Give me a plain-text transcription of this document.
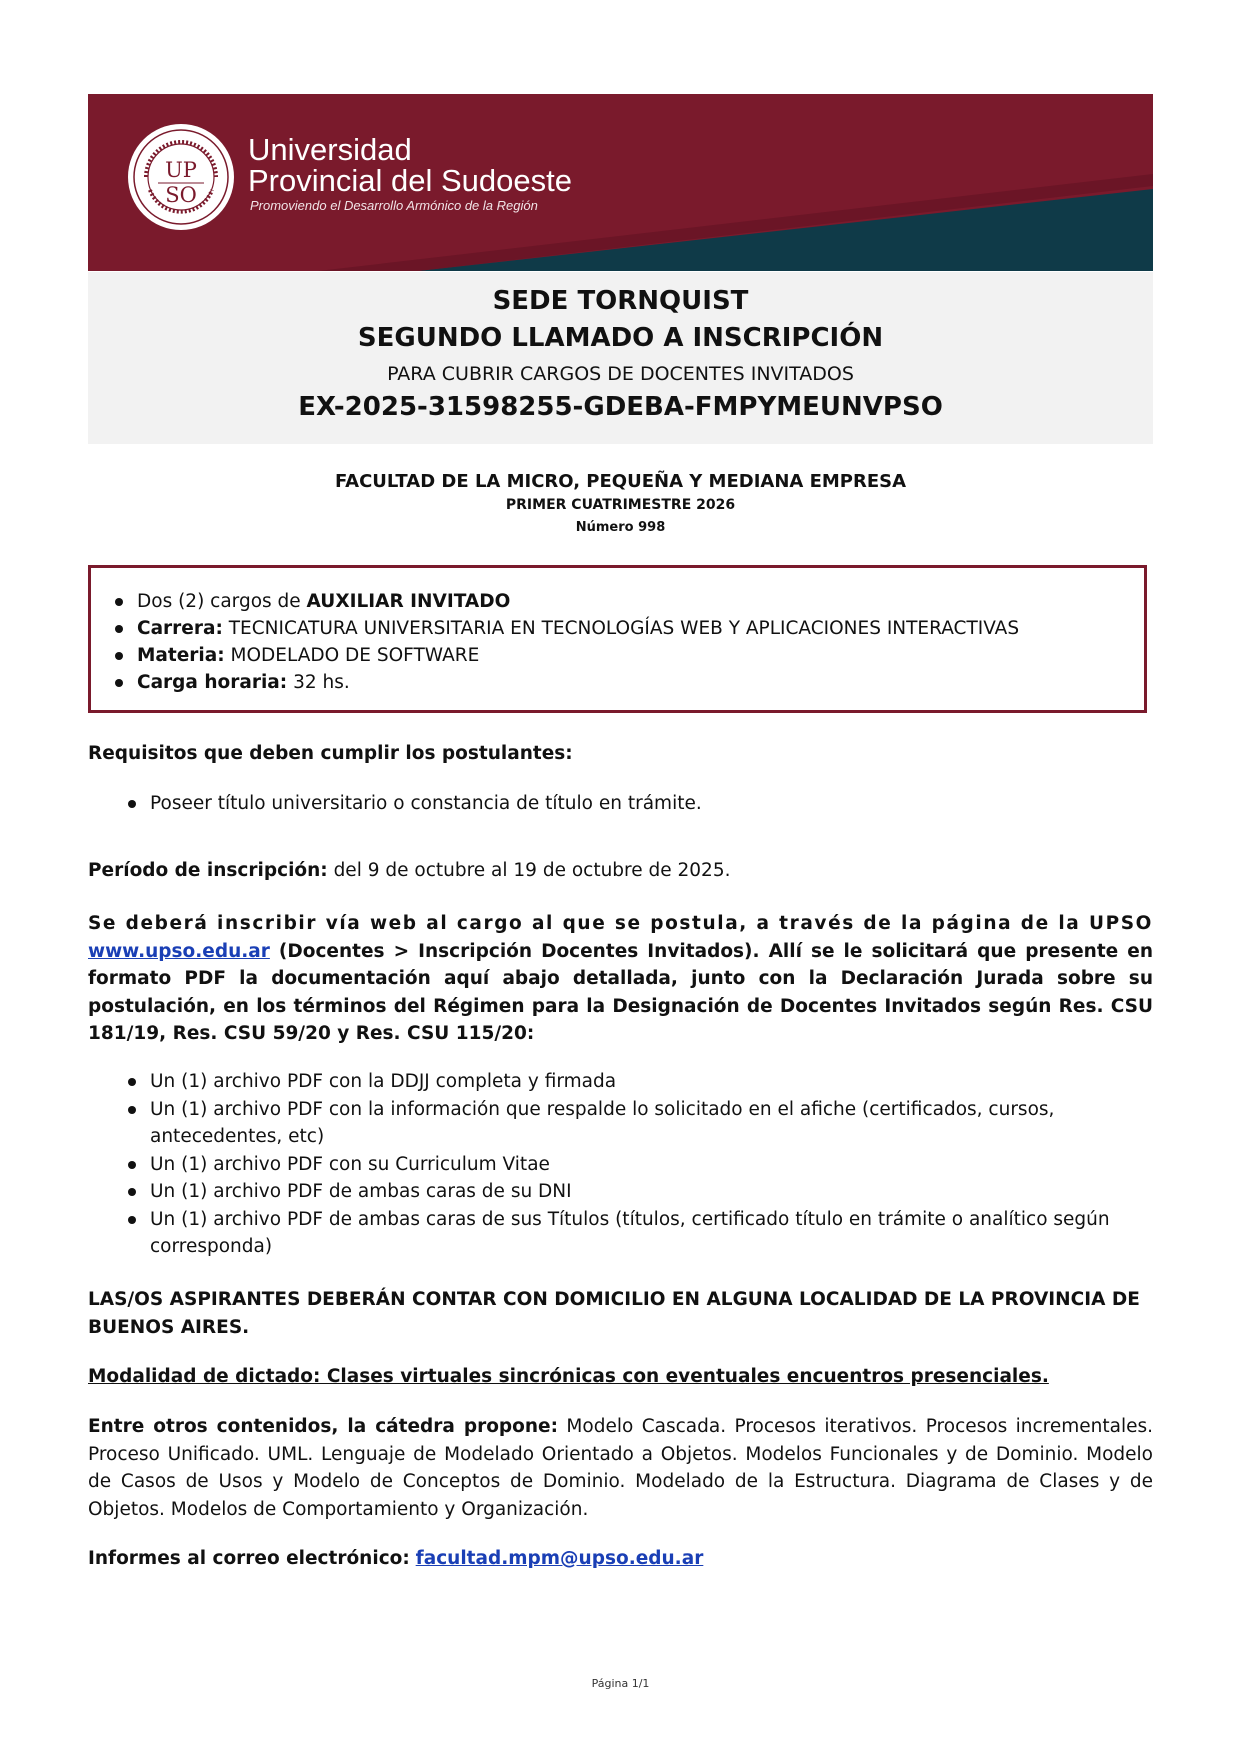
UP
SO
Universidad
Provincial del Sudoeste
Promoviendo el Desarrollo Armónico de la Región
SEDE TORNQUIST
SEGUNDO LLAMADO A INSCRIPCIÓN
PARA CUBRIR CARGOS DE DOCENTES INVITADOS
EX-2025-31598255-GDEBA-FMPYMEUNVPSO
FACULTAD DE LA MICRO, PEQUEÑA Y MEDIANA EMPRESA
PRIMER CUATRIMESTRE 2026
Número 998
Dos (2) cargos de AUXILIAR INVITADO
Carrera: TECNICATURA UNIVERSITARIA EN TECNOLOGÍAS WEB Y APLICACIONES INTERACTIVAS
Materia: MODELADO DE SOFTWARE
Carga horaria: 32 hs.
Requisitos que deben cumplir los postulantes:
Poseer título universitario o constancia de título en trámite.
Período de inscripción: del 9 de octubre al 19 de octubre de 2025.
Se deberá inscribir vía web al cargo al que se postula, a través de la página de la UPSO www.upso.edu.ar (Docentes > Inscripción Docentes Invitados). Allí se le solicitará que presente en formato PDF la documentación aquí abajo detallada, junto con la Declaración Jurada sobre su postulación, en los términos del Régimen para la Designación de Docentes Invitados según Res. CSU 181/19, Res. CSU 59/20 y Res. CSU 115/20:
Un (1) archivo PDF con la DDJJ completa y firmada
Un (1) archivo PDF con la información que respalde lo solicitado en el afiche (certificados, cursos, antecedentes, etc)
Un (1) archivo PDF con su Curriculum Vitae
Un (1) archivo PDF de ambas caras de su DNI
Un (1) archivo PDF de ambas caras de sus Títulos (títulos, certificado título en trámite o analítico según corresponda)
LAS/OS ASPIRANTES DEBERÁN CONTAR CON DOMICILIO EN ALGUNA LOCALIDAD DE LA PROVINCIA DE BUENOS AIRES.
Modalidad de dictado: Clases virtuales sincrónicas con eventuales encuentros presenciales.
Entre otros contenidos, la cátedra propone: Modelo Cascada. Procesos iterativos. Procesos incrementales. Proceso Unificado. UML. Lenguaje de Modelado Orientado a Objetos. Modelos Funcionales y de Dominio. Modelo de Casos de Usos y Modelo de Conceptos de Dominio. Modelado de la Estructura. Diagrama de Clases y de Objetos. Modelos de Comportamiento y Organización.
Informes al correo electrónico: facultad.mpm@upso.edu.ar
Página 1/1
